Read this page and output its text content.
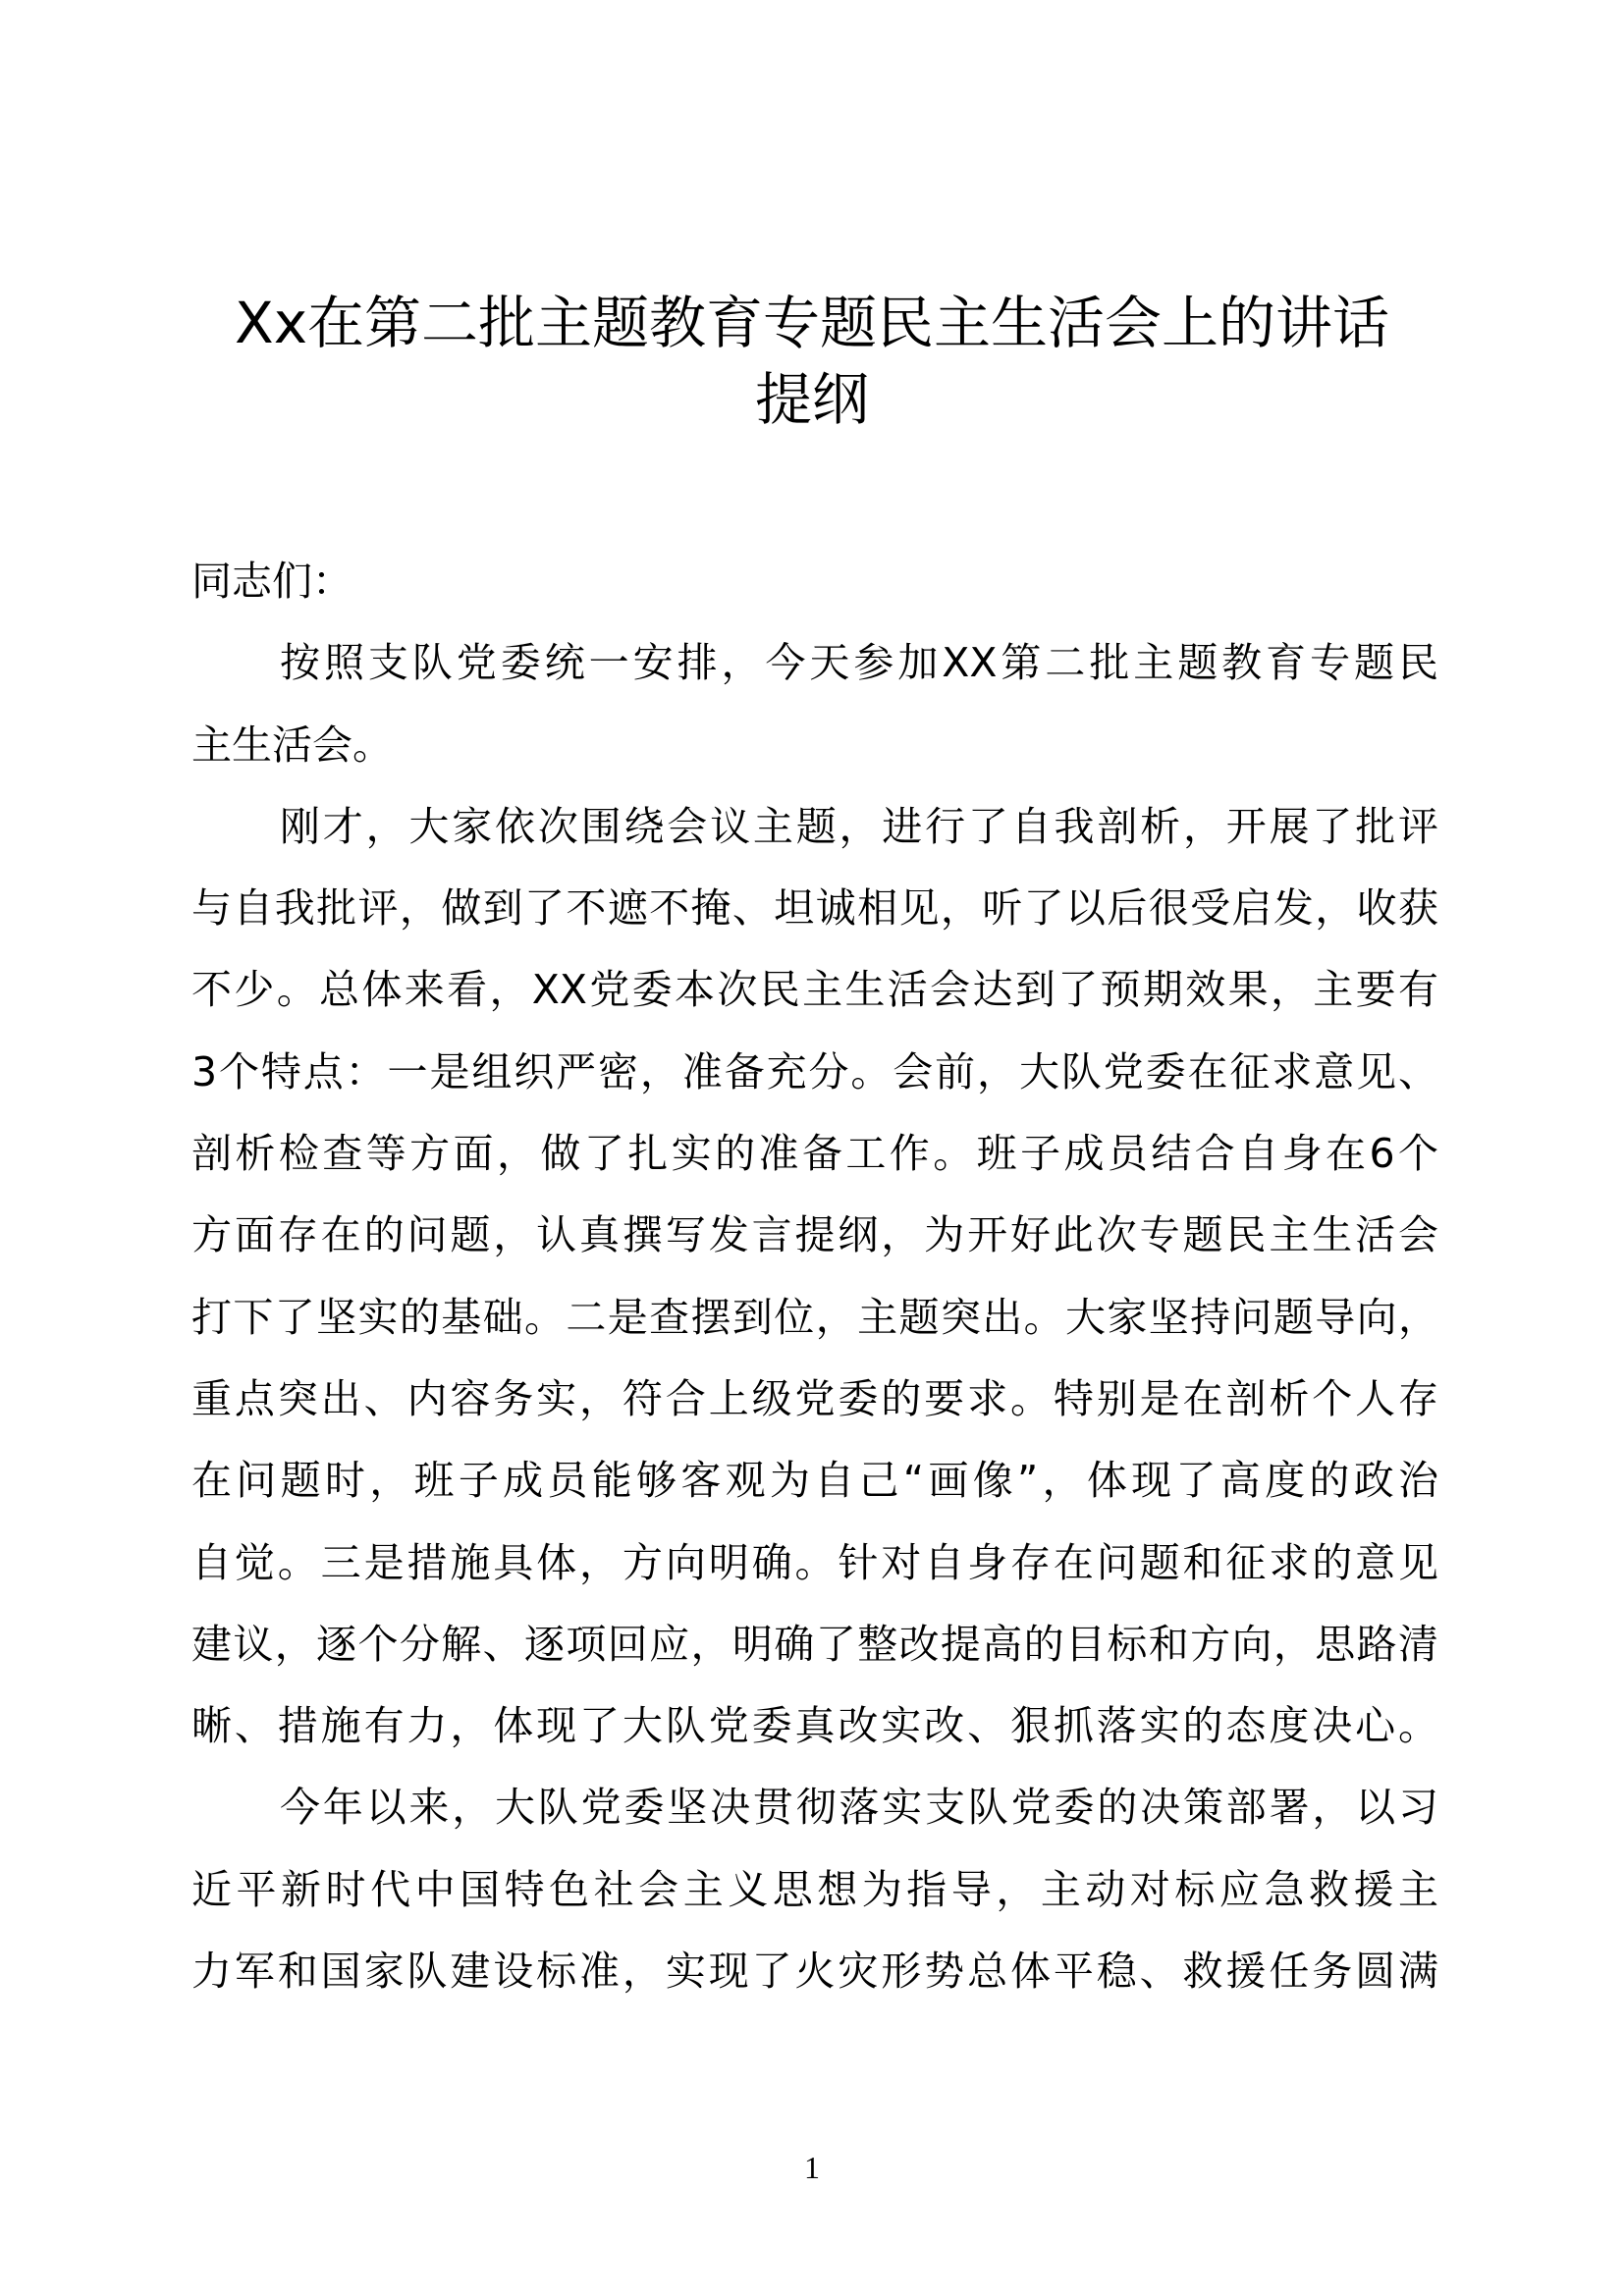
Xx在第二批主题教育专题民主生活会上的讲话
提纲
同志们：
按照支队党委统一安排，今天参加XX第二批主题教育专题民
主生活会。
刚才，大家依次围绕会议主题，进行了自我剖析，开展了批评
与自我批评，做到了不遮不掩、坦诚相见，听了以后很受启发，收获
不少。总体来看，XX党委本次民主生活会达到了预期效果，主要有
3个特点：一是组织严密，准备充分。会前，大队党委在征求意见、
剖析检查等方面，做了扎实的准备工作。班子成员结合自身在6个
方面存在的问题，认真撰写发言提纲，为开好此次专题民主生活会
打下了坚实的基础。二是查摆到位，主题突出。大家坚持问题导向，
重点突出、内容务实，符合上级党委的要求。特别是在剖析个人存
在问题时，班子成员能够客观为自己“画像”，体现了高度的政治
自觉。三是措施具体，方向明确。针对自身存在问题和征求的意见
建议，逐个分解、逐项回应，明确了整改提高的目标和方向，思路清
晰、措施有力，体现了大队党委真改实改、狠抓落实的态度决心。
今年以来，大队党委坚决贯彻落实支队党委的决策部署，以习
近平新时代中国特色社会主义思想为指导，主动对标应急救援主
力军和国家队建设标准，实现了火灾形势总体平稳、救援任务圆满
1
